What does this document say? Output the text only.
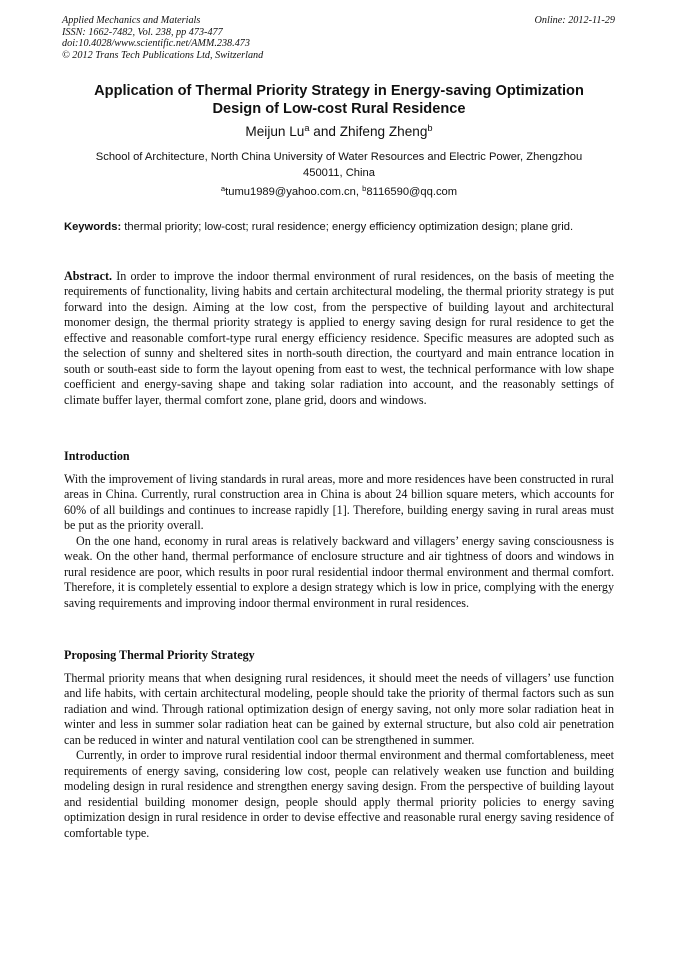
Applied Mechanics and Materials
ISSN: 1662-7482, Vol. 238, pp 473-477
doi:10.4028/www.scientific.net/AMM.238.473
© 2012 Trans Tech Publications Ltd, Switzerland
Online: 2012-11-29
Application of Thermal Priority Strategy in Energy-saving Optimization
Design of Low-cost Rural Residence
Meijun Lu$^a$ and Zhifeng Zheng$^b$
School of Architecture, North China University of Water Resources and Electric Power, Zhengzhou
450011, China
$^a$tumu1989@yahoo.com.cn, $^b$8116590@qq.com
Keywords: thermal priority; low-cost; rural residence; energy efficiency optimization design; plane grid.
Abstract. In order to improve the indoor thermal environment of rural residences, on the basis of meeting the requirements of functionality, living habits and certain architectural modeling, the thermal priority strategy is put forward into the design. Aiming at the low cost, from the perspective of building layout and architectural monomer design, the thermal priority strategy is applied to energy saving design for rural residence to get the effective and reasonable comfort-type rural energy efficiency residence. Specific measures are adopted such as the selection of sunny and sheltered sites in north-south direction, the courtyard and main entrance location in south or south-east side to form the layout opening from east to west, the technical performance with low shape coefficient and energy-saving shape and taking solar radiation into account, and the reasonably settings of climate buffer layer, thermal comfort zone, plane grid, doors and windows.
Introduction

With the improvement of living standards in rural areas, more and more residences have been constructed in rural areas in China. Currently, rural construction area in China is about 24 billion square meters, which accounts for 60% of all buildings and continues to increase rapidly [1]. Therefore, building energy saving in rural areas must be put as the priority overall.

On the one hand, economy in rural areas is relatively backward and villagers’ energy saving consciousness is weak. On the other hand, thermal performance of enclosure structure and air tightness of doors and windows in rural residence are poor, which results in poor rural residential indoor thermal environment and thermal comfort. Therefore, it is completely essential to explore a design strategy which is low in price, complying with the energy saving requirements and improving indoor thermal environment in rural residences.

Proposing Thermal Priority Strategy

Thermal priority means that when designing rural residences, it should meet the needs of villagers’ use function and life habits, with certain architectural modeling, people should take the priority of thermal factors such as sun radiation and wind. Through rational optimization design of energy saving, not only more solar radiation heat in winter and less in summer solar radiation heat can be gained by external structure, but also cold air penetration can be reduced in winter and natural ventilation cool can be strengthened in summer.

Currently, in order to improve rural residential indoor thermal environment and thermal comfortableness, meet requirements of energy saving, considering low cost, people can relatively weaken use function and building modeling design in rural residence and strengthen energy saving design. From the perspective of building layout and residential building monomer design, people should apply thermal priority policies to energy saving optimization design in rural residence in order to devise effective and reasonable rural energy saving residence of comfortable type.
